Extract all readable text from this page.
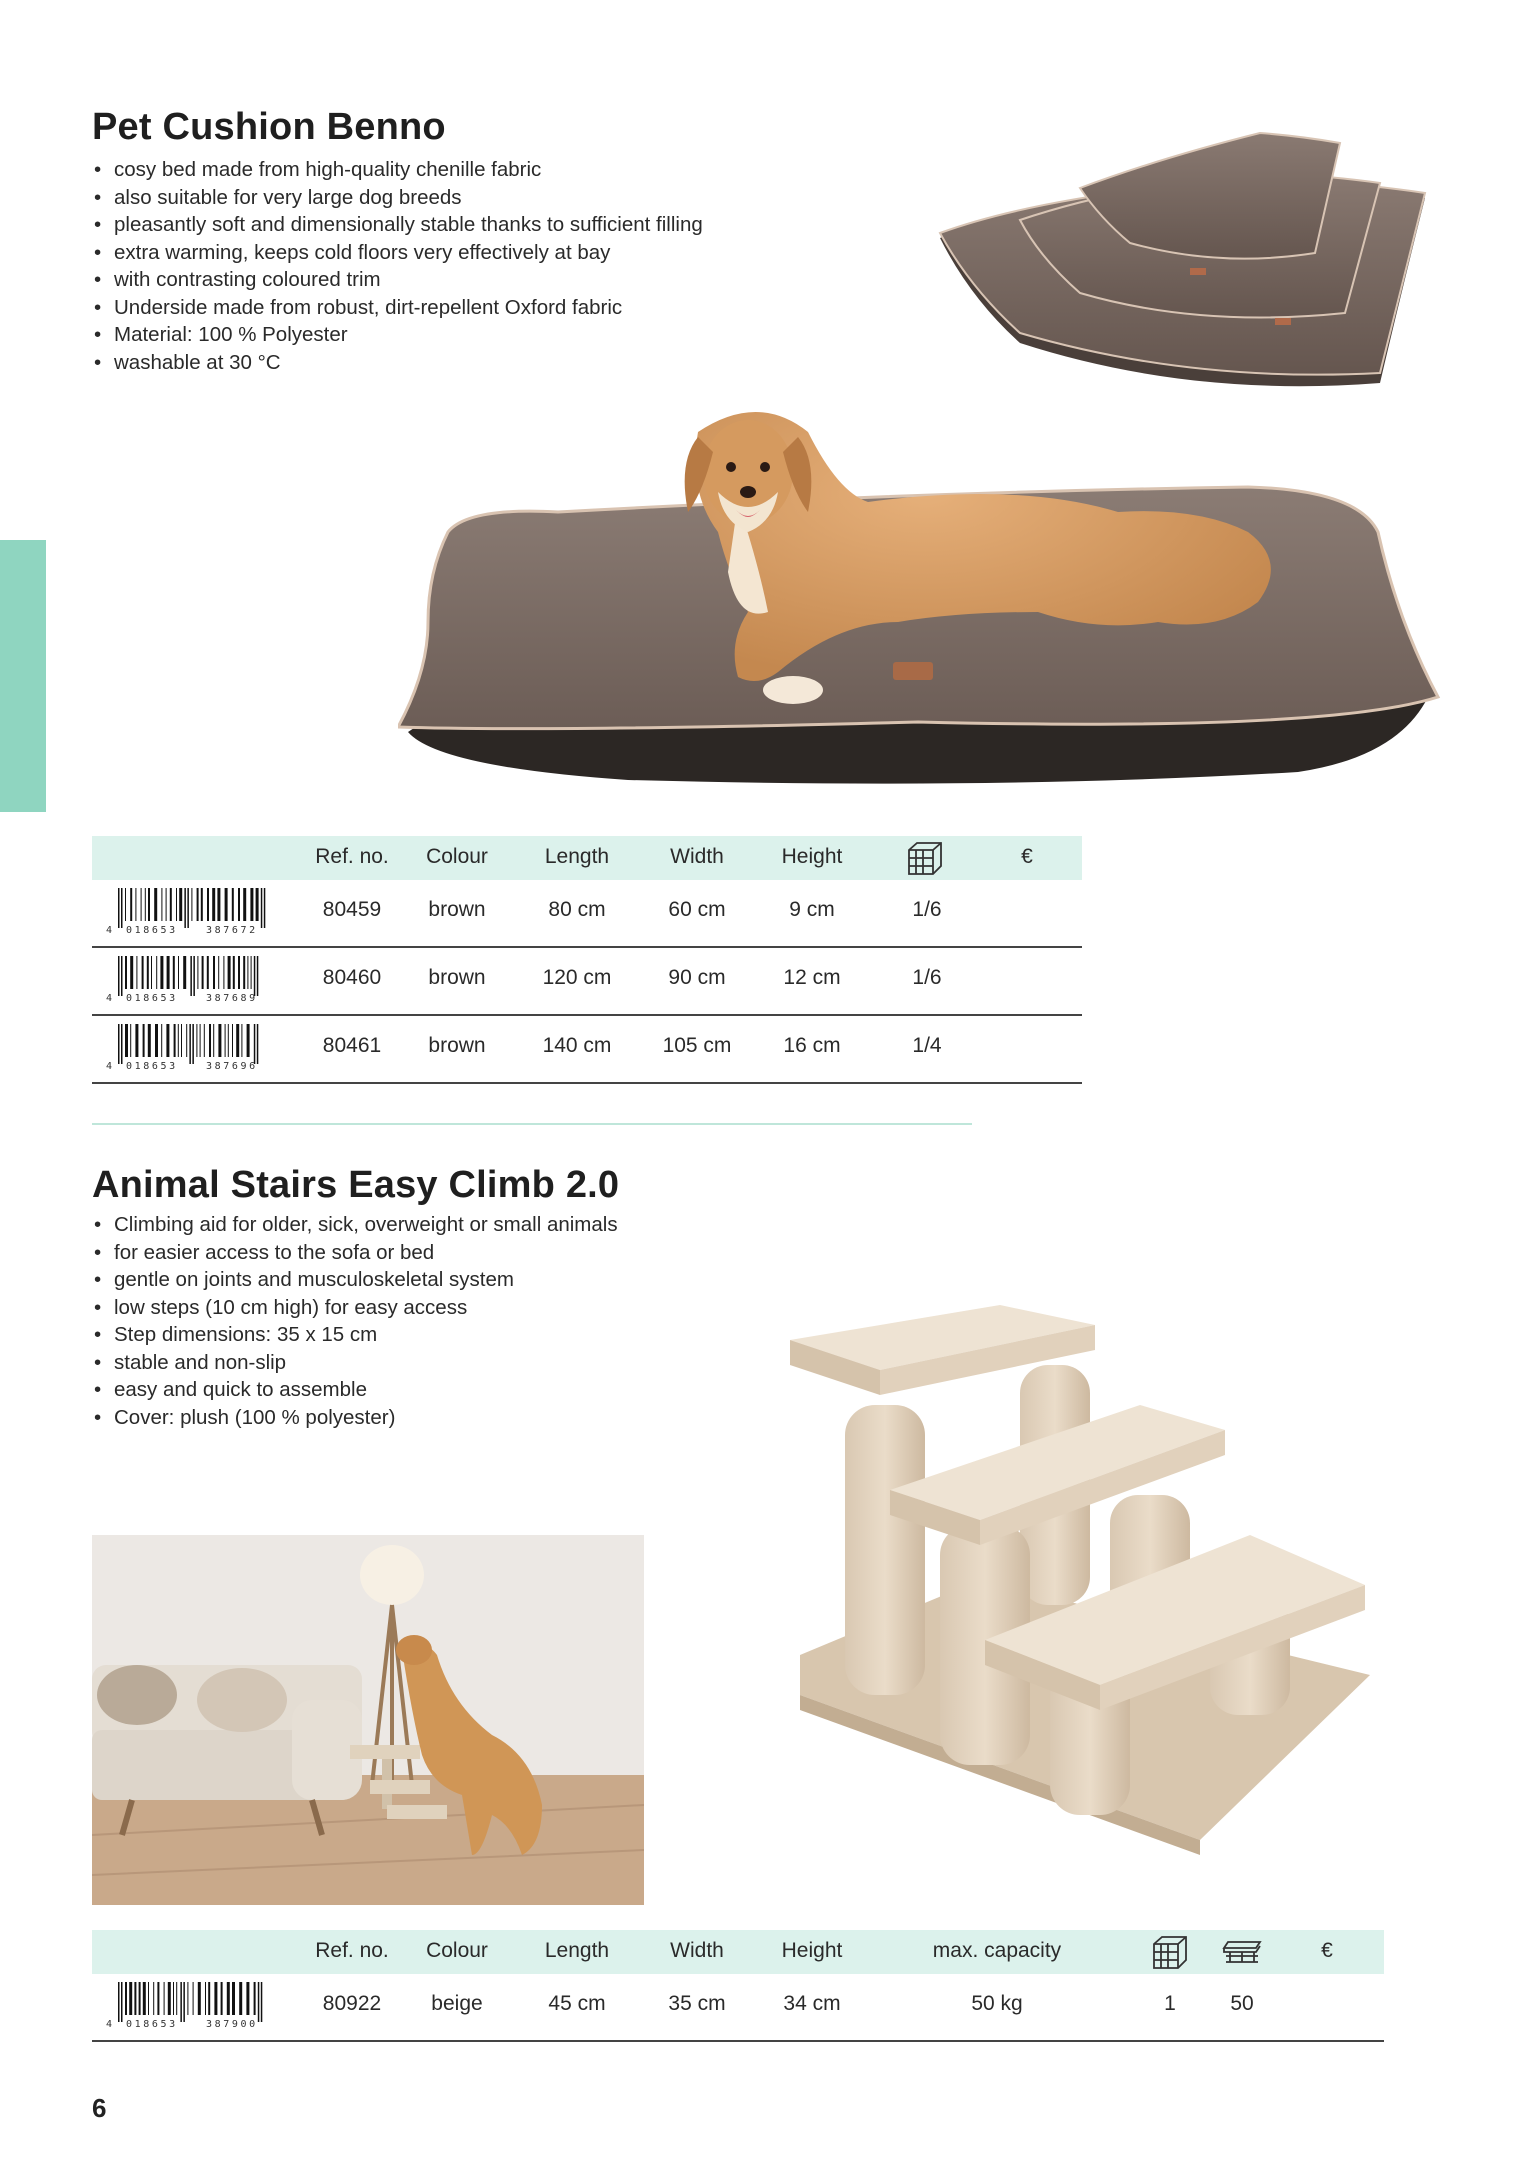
Pet Cushion Benno
• cosy bed made from high-quality chenille fabric
• also suitable for very large dog breeds
• pleasantly soft and dimensionally stable thanks to sufficient filling
• extra warming, keeps cold floors very effectively at bay
• with contrasting coloured trim
• Underside made from robust, dirt-repellent Oxford fabric
• Material: 100 % Polyester
• washable at 30 °C
Ref. no. Colour	Length	Width	Height	€
4 018653	387672
80459	brown	80 cm	60 cm	9 cm	1/6
4 018653	387689
80460	brown	120 cm	90 cm	12 cm	1/6
4 018653	387696
80461	brown	140 cm 105 cm	16 cm	1/4
Animal Stairs Easy Climb 2.0
• Climbing aid for older, sick, overweight or small animals
• for easier access to the sofa or bed
• gentle on joints and musculoskeletal system
• low steps (10 cm high) for easy access
• Step dimensions: 35 x 15 cm
• stable and non-slip
• easy and quick to assemble
• Cover: plush (100 % polyester)
Ref. no. Colour	Length	Width	Height	max. capacity	€
4 018653	387900
80922	beige	45 cm	35 cm	34 cm	50 kg	1	50
6
